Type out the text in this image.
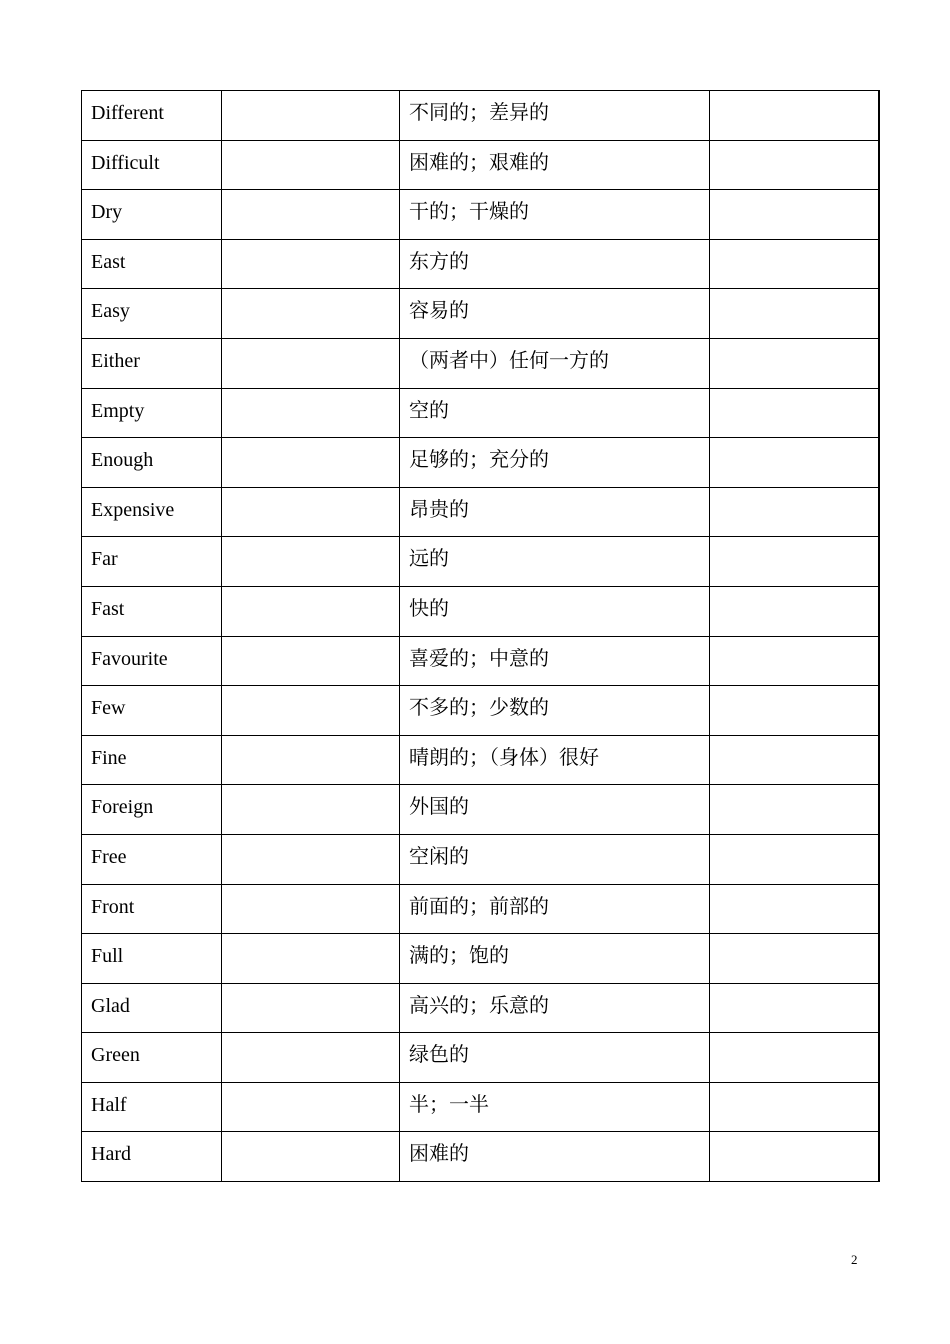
Different		不同的；差异的	

Difficult		困难的；艰难的	

Dry		干的；干燥的	

East		东方的	

Easy		容易的	

Either		（两者中）任何一方的	

Empty		空的	

Enough		足够的；充分的	

Expensive		昂贵的	

Far		远的	

Fast		快的	

Favourite		喜爱的；中意的	

Few		不多的；少数的	

Fine		晴朗的；（身体）很好	

Foreign		外国的	

Free		空闲的	

Front		前面的；前部的	

Full		满的；饱的	

Glad		高兴的；乐意的	

Green		绿色的	

Half		半；一半	

Hard		困难的	

2
